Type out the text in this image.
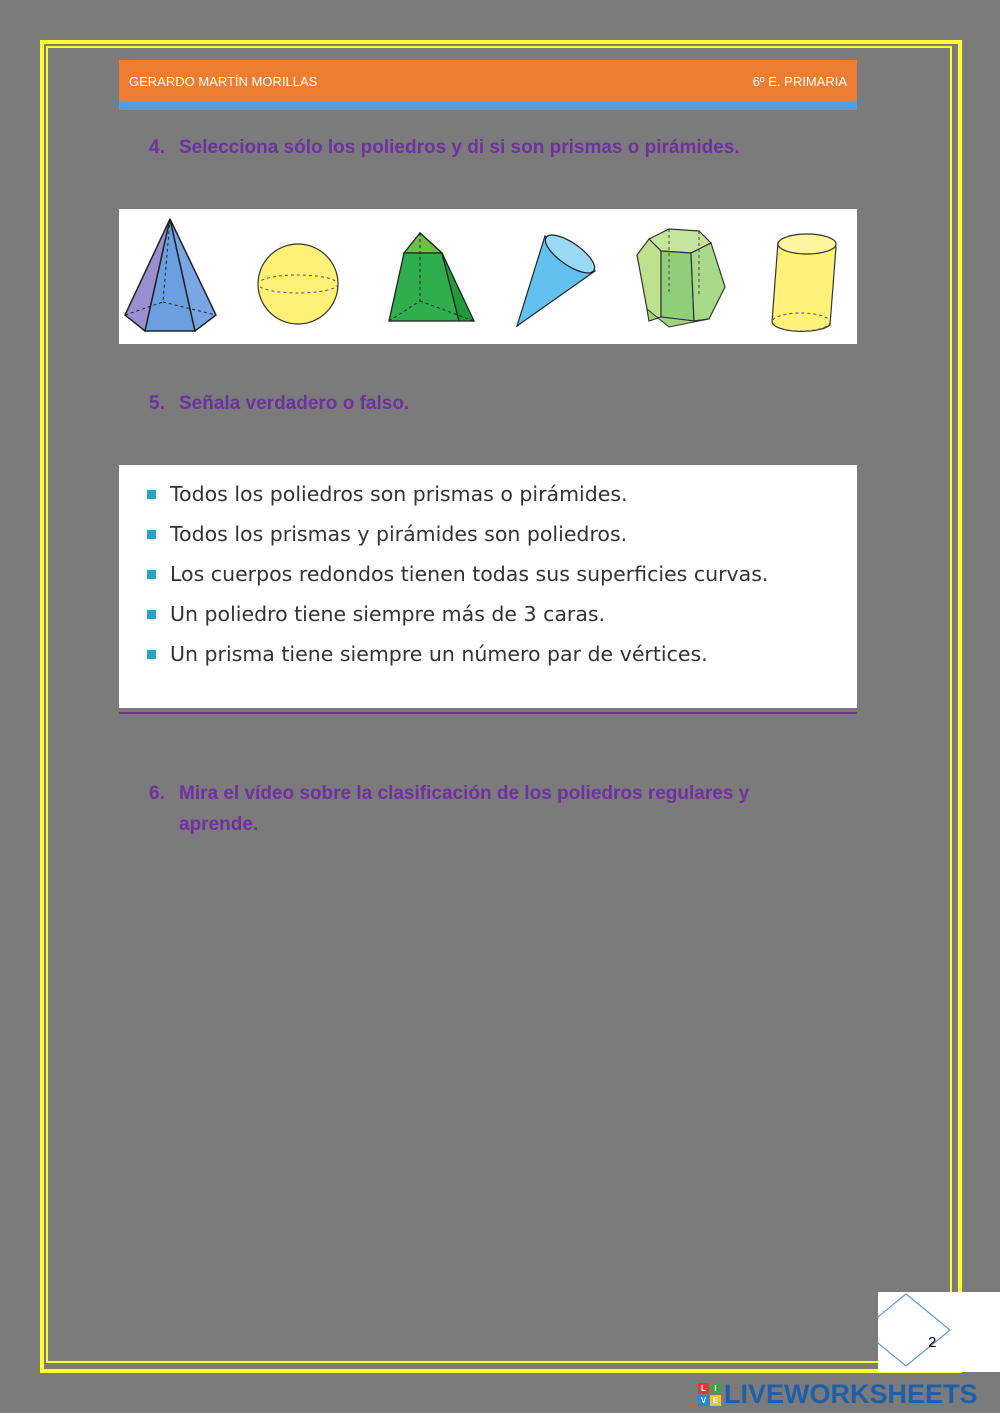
GERARDO MARTÍN MORILLAS	6º E. PRIMARIA
4. Selecciona sólo los poliedros y di si son prismas o pirámides.
5. Señala verdadero o falso.
Todos los poliedros son prismas o pirámides.
Todos los prismas y pirámides son poliedros.
Los cuerpos redondos tienen todas sus superficies curvas.
Un poliedro tiene siempre más de 3 caras.
Un prisma tiene siempre un número par de vértices.
6. Mira el vídeo sobre la clasificación de los poliedros regulares y
aprende.
2
L	I
V E LIVEWORKSHEETS
